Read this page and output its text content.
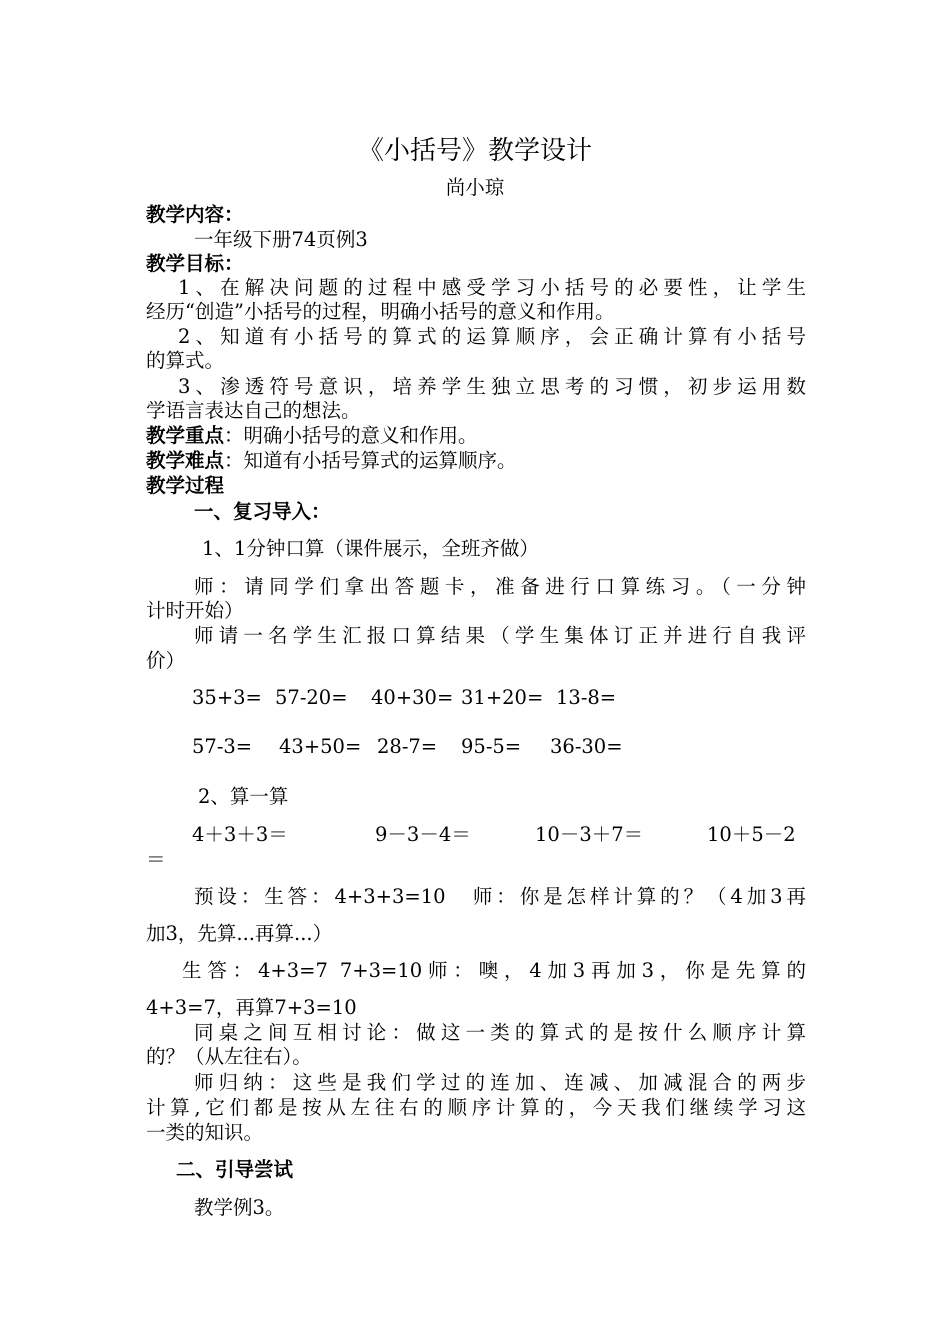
《小括号》教学设计
尚小琼
教学内容：
一年级下册74页例3
教学目标：
1、在解决问题的过程中感受学习小括号的必要性，让学生
经历“创造”小括号的过程，明确小括号的意义和作用。
2、知道有小括号的算式的运算顺序，会正确计算有小括号
的算式。
3、渗透符号意识，培养学生独立思考的习惯，初步运用数
学语言表达自己的想法。
教学重点：明确小括号的意义和作用。
教学难点：知道有小括号算式的运算顺序。
教学过程
一、复习导入：
1、1分钟口算（课件展示，全班齐做）
师：请同学们拿出答题卡，准备进行口算练习。（一分钟
计时开始）
师请一名学生汇报口算结果（学生集体订正并进行自我评
价）
35+3= 57-20= 40+30= 31+20= 13-8=
57-3= 43+50= 28-7= 95-5= 36-30=
2、算一算
4＋3＋3＝	9－3－4＝	10－3＋7＝	10＋5－2
＝
预设：生答：4+3+3=10　师：你是怎样计算的？（4加3再
加3，先算...再算...）
生答：4+3=7 7+3=10师：噢，4加3再加3，你是先算的
4+3=7，再算7+3=10
同桌之间互相讨论：做这一类的算式的是按什么顺序计算
的？（从左往右）。
师归纳：这些是我们学过的连加、连减、加减混合的两步
计算,它们都是按从左往右的顺序计算的，今天我们继续学习这
一类的知识。
二、引导尝试
教学例3。
